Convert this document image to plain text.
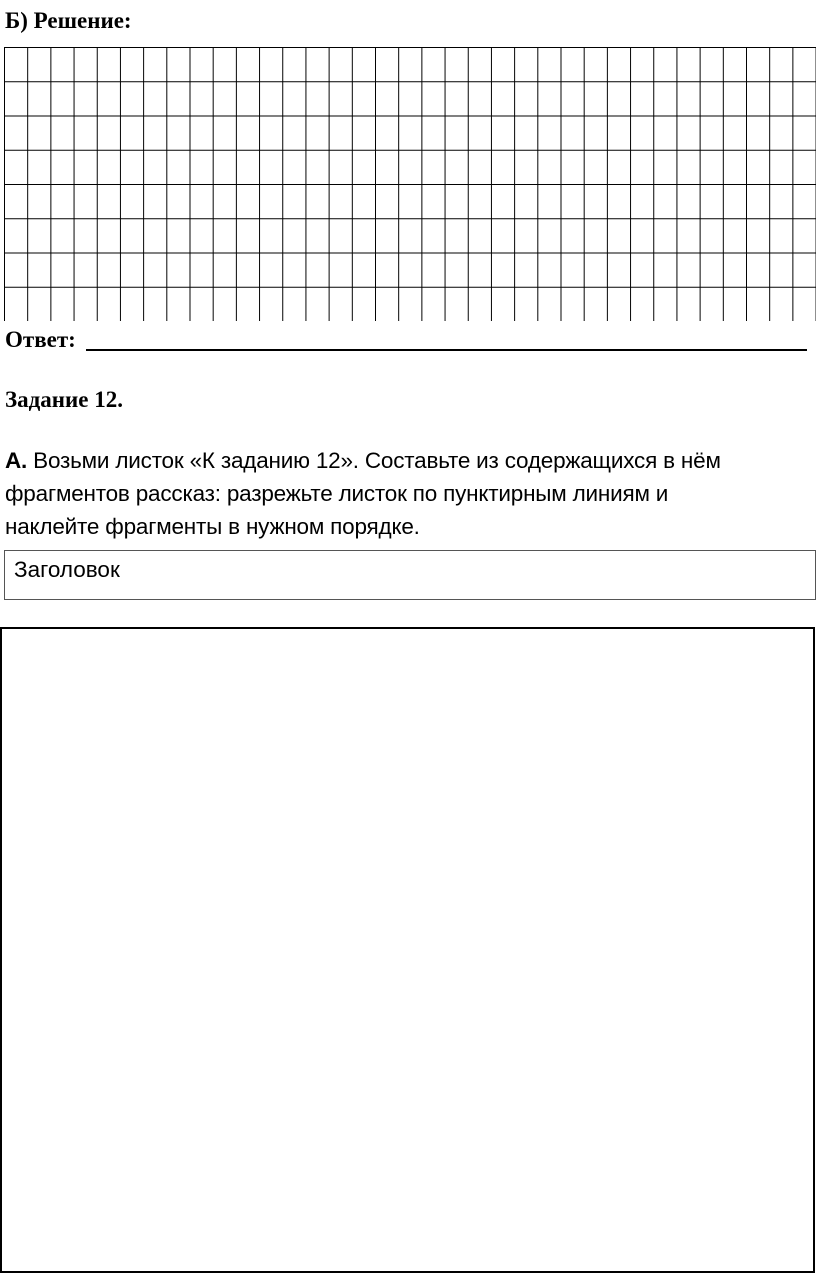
Б) Решение:
Ответ:
Задание 12.
А. Возьми листок «К заданию 12». Составьте из содержащихся в нём
фрагментов рассказ: разрежьте листок по пунктирным линиям и
наклейте фрагменты в нужном порядке.
Заголовок
